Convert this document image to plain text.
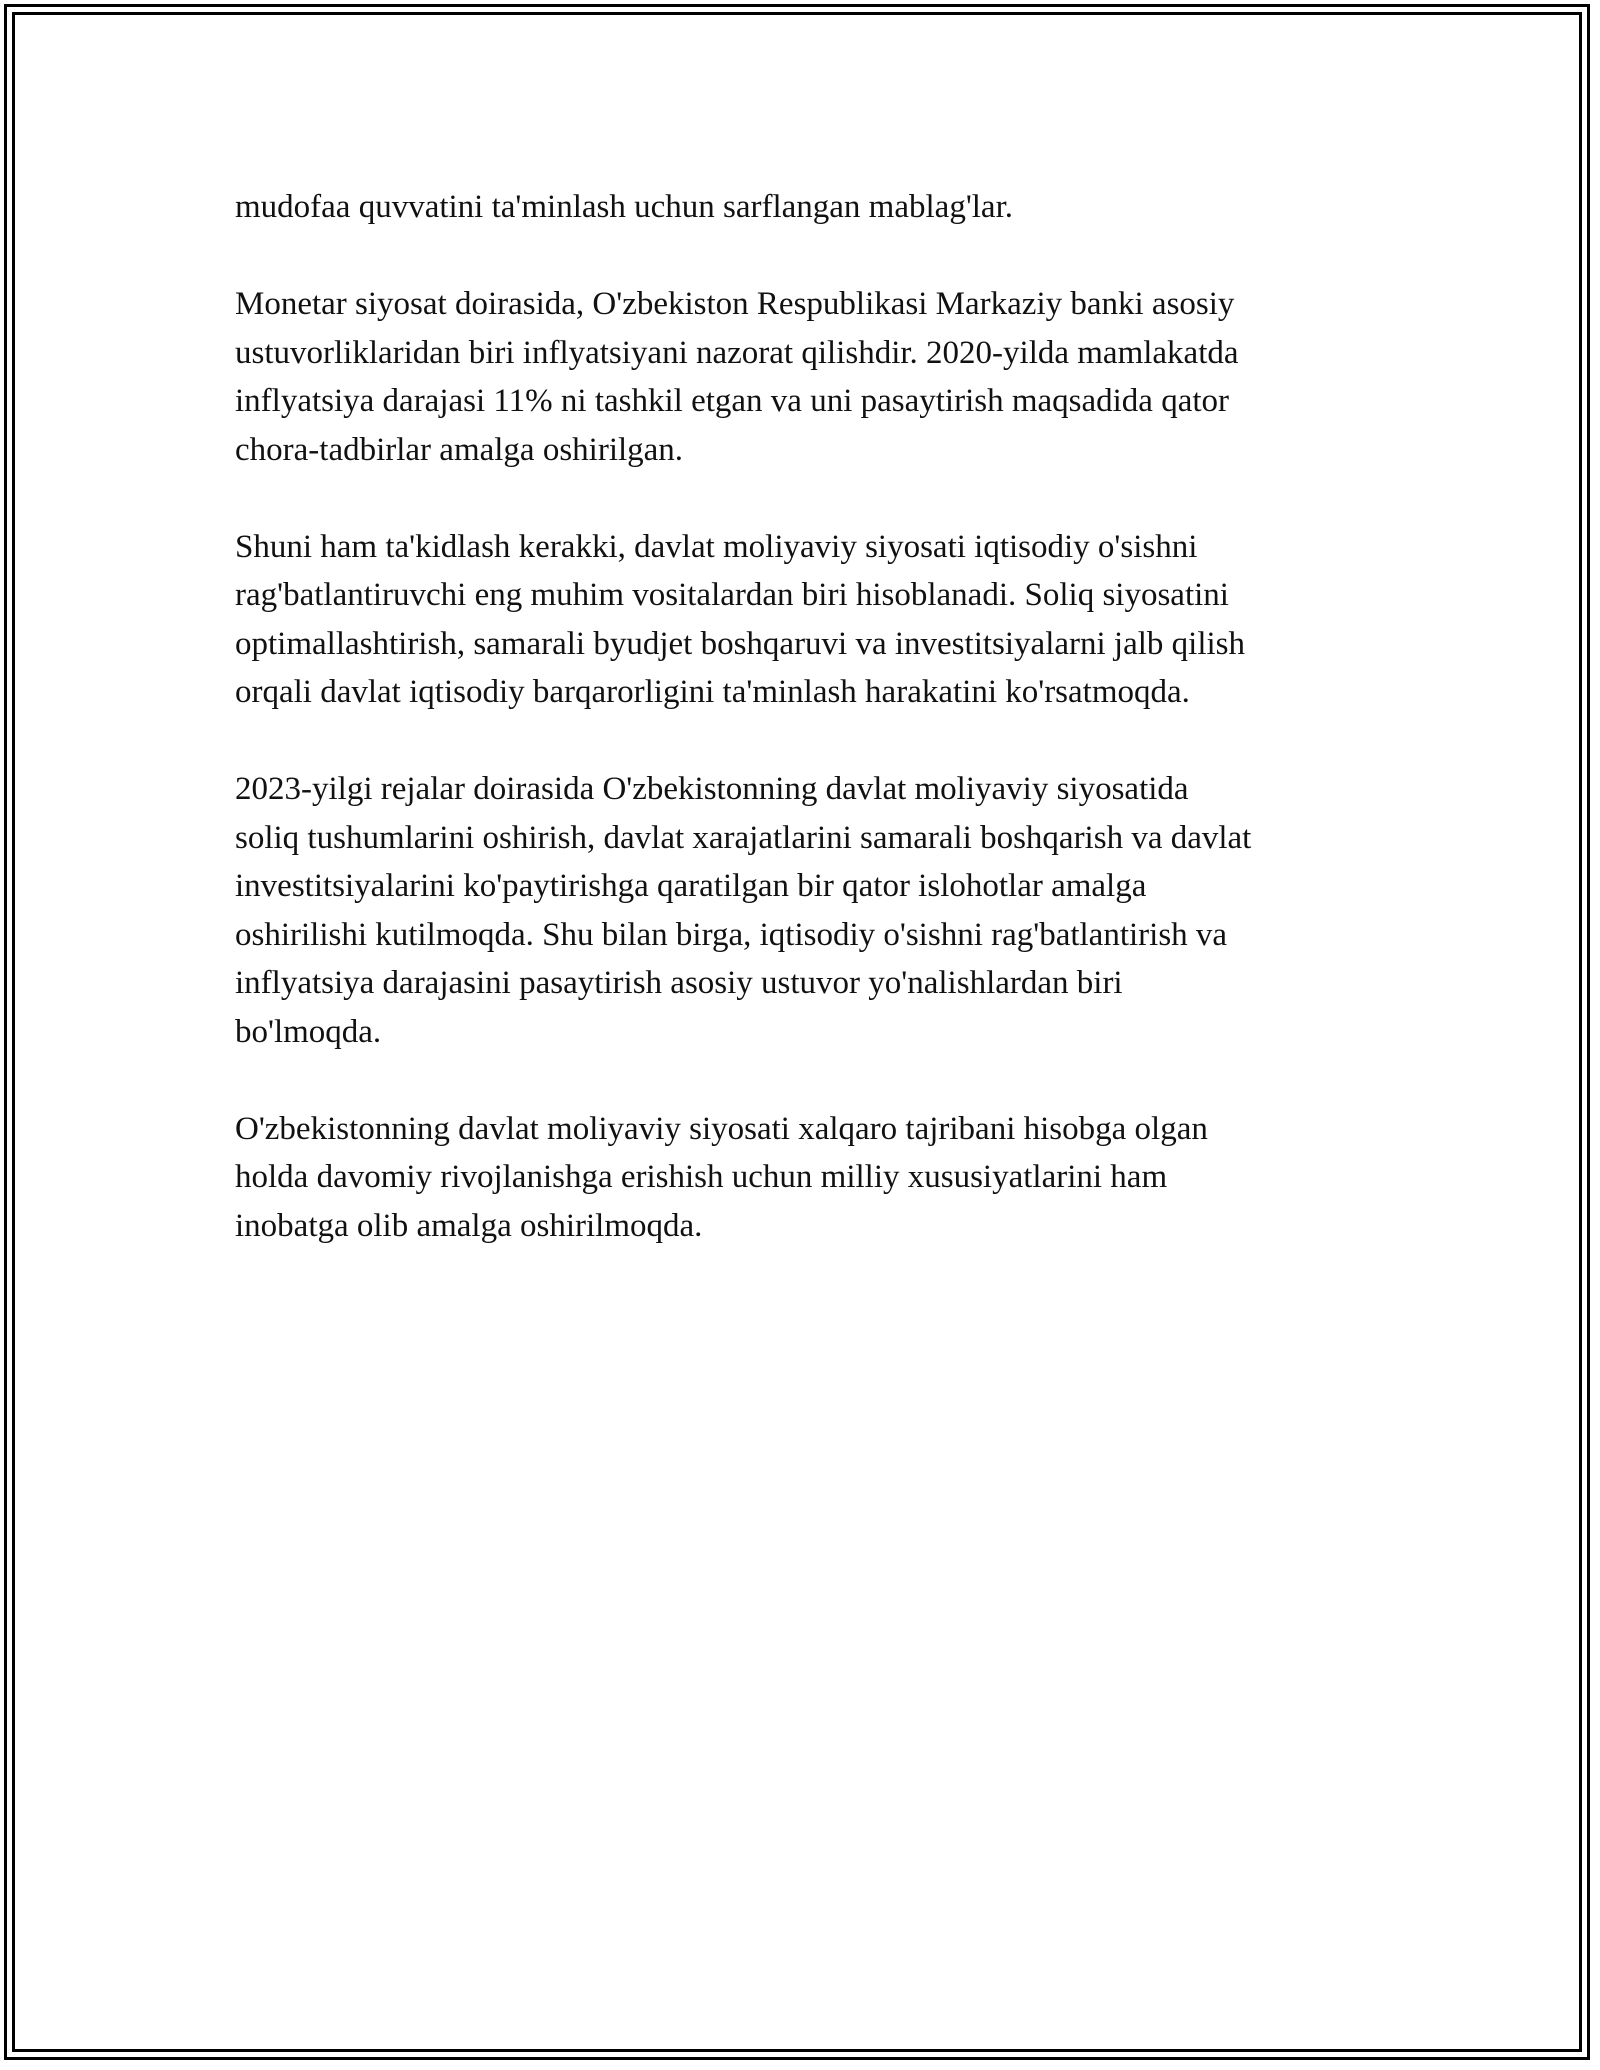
mudofaa quvvatini ta'minlash uchun sarflangan mablag'lar.

Monetar siyosat doirasida, O'zbekiston Respublikasi Markaziy banki asosiy
ustuvorliklaridan biri inflyatsiyani nazorat qilishdir. 2020-yilda mamlakatda
inflyatsiya darajasi 11% ni tashkil etgan va uni pasaytirish maqsadida qator
chora-tadbirlar amalga oshirilgan.

Shuni ham ta'kidlash kerakki, davlat moliyaviy siyosati iqtisodiy o'sishni
rag'batlantiruvchi eng muhim vositalardan biri hisoblanadi. Soliq siyosatini
optimallashtirish, samarali byudjet boshqaruvi va investitsiyalarni jalb qilish
orqali davlat iqtisodiy barqarorligini ta'minlash harakatini ko'rsatmoqda.

2023-yilgi rejalar doirasida O'zbekistonning davlat moliyaviy siyosatida
soliq tushumlarini oshirish, davlat xarajatlarini samarali boshqarish va davlat
investitsiyalarini ko'paytirishga qaratilgan bir qator islohotlar amalga
oshirilishi kutilmoqda. Shu bilan birga, iqtisodiy o'sishni rag'batlantirish va
inflyatsiya darajasini pasaytirish asosiy ustuvor yo'nalishlardan biri
bo'lmoqda.

O'zbekistonning davlat moliyaviy siyosati xalqaro tajribani hisobga olgan
holda davomiy rivojlanishga erishish uchun milliy xususiyatlarini ham
inobatga olib amalga oshirilmoqda.
